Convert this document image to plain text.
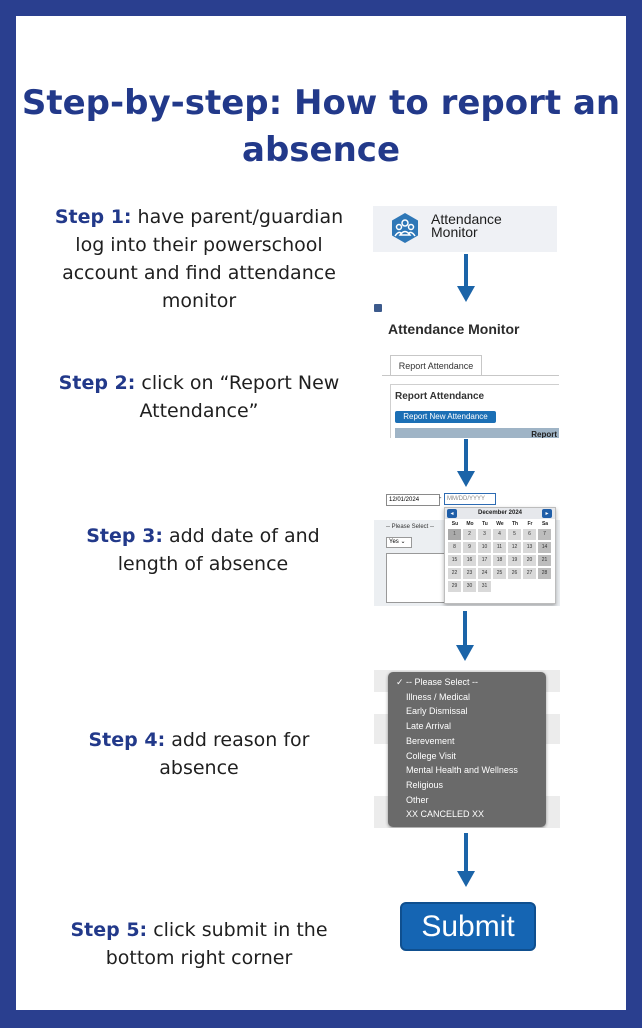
Step-by-step: How to report an absence
Step 1: have parent/guardian log into their powerschool account and find attendance monitor
Step 2: click on “Report New Attendance”
Step 3: add date of and length of absence
Step 4: add reason for absence
Step 5: click submit in the bottom right corner
Attendance
Monitor
Attendance Monitor
Report Attendance
Report Attendance
Report New Attendance
Report
12/01/2024	- MM/DD/YYYY
-- Please Select --
Yes ⌄
◂	December 2024	▸
Su	Mo	Tu	We	Th	Fr	Sa
1	2	3	4	5	6	7
8	9	10	11	12	13	14
15	16	17	18	19	20	21
22	23	24	25	26	27	28
29	30	31
✓ -- Please Select --
Illness / Medical
Early Dismissal
Late Arrival
Berevement
College Visit
Mental Health and Wellness
Religious
Other
XX CANCELED XX
Submit
